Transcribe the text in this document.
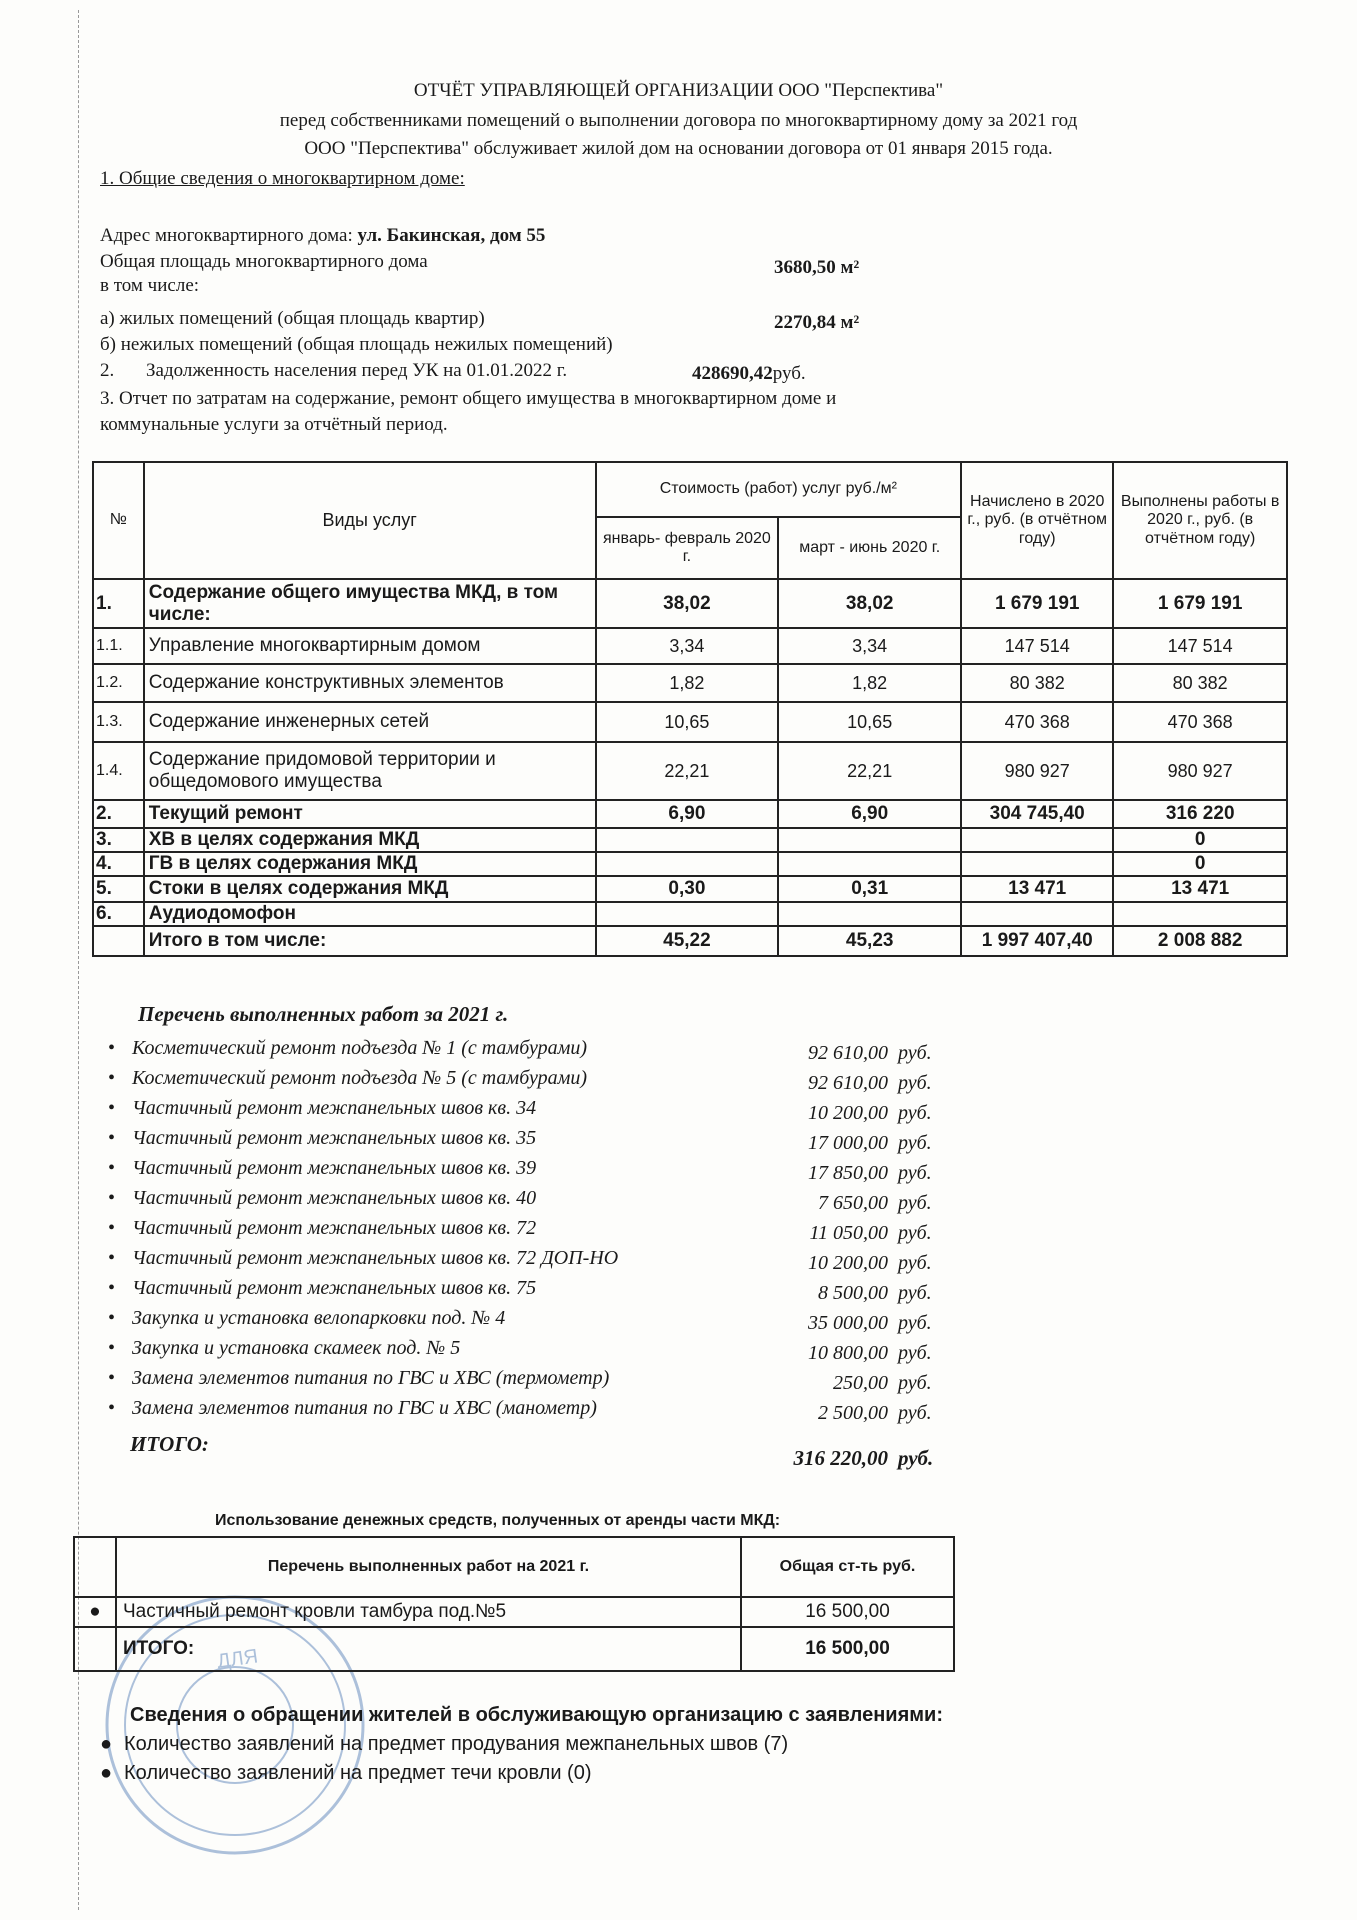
ОТЧЁТ УПРАВЛЯЮЩЕЙ ОРГАНИЗАЦИИ ООО "Перспектива"
перед собственниками помещений о выполнении договора по многоквартирному дому за 2021 год
ООО "Перспектива" обслуживает жилой дом на основании договора от 01 января 2015 года.
1. Общие сведения о многоквартирном доме:
Адрес многоквартирного дома: ул. Бакинская, дом 55
Общая площадь многоквартирного дома	3680,50 м²
в том числе:
а) жилых помещений (общая площадь квартир)	2270,84 м²
б) нежилых помещений (общая площадь нежилых помещений)
2. Задолженность населения перед УК на 01.01.2022 г.	428690,42руб.
3. Отчет по затратам на содержание, ремонт общего имущества в многоквартирном доме и
коммунальные услуги за отчётный период.
№	Виды услуг	Стоимость (работ) услуг руб./м²		Начислено в 2020 г., руб. (в отчётном году)	Выполнены работы в 2020 г., руб. (в отчётном году)
		январь- февраль 2020 г.	март - июнь 2020 г.		
1.	Содержание общего имущества МКД, в том числе:	38,02	38,02	1 679 191	1 679 191
1.1.	Управление многоквартирным домом	3,34	3,34	147 514	147 514
1.2.	Содержание конструктивных элементов	1,82	1,82	80 382	80 382
1.3.	Содержание инженерных сетей	10,65	10,65	470 368	470 368
1.4.	Содержание придомовой территории и общедомового имущества	22,21	22,21	980 927	980 927
2.	Текущий ремонт	6,90	6,90	304 745,40	316 220
3.	ХВ в целях содержания МКД				0
4.	ГВ в целях содержания МКД				0
5.	Стоки в целях содержания МКД	0,30	0,31	13 471	13 471
6.	Аудиодомофон				
	Итого в том числе:	45,22	45,23	1 997 407,40	2 008 882
Перечень выполненных работ за 2021 г.
• Косметический ремонт подъезда № 1 (с тамбурами)	92 610,00 руб.
• Косметический ремонт подъезда № 5 (с тамбурами)	92 610,00 руб.
• Частичный ремонт межпанельных швов кв. 34	10 200,00 руб.
• Частичный ремонт межпанельных швов кв. 35	17 000,00 руб.
• Частичный ремонт межпанельных швов кв. 39	17 850,00 руб.
• Частичный ремонт межпанельных швов кв. 40	7 650,00 руб.
• Частичный ремонт межпанельных швов кв. 72	11 050,00 руб.
• Частичный ремонт межпанельных швов кв. 72 ДОП-НО	10 200,00 руб.
• Частичный ремонт межпанельных швов кв. 75	8 500,00 руб.
• Закупка и установка велопарковки под. № 4	35 000,00 руб.
• Закупка и установка скамеек под. № 5	10 800,00 руб.
• Замена элементов питания по ГВС и ХВС (термометр)	250,00 руб.
• Замена элементов питания по ГВС и ХВС (манометр)	2 500,00 руб.
ИТОГО:
316 220,00 руб.
Использование денежных средств, полученных от аренды части МКД:
ДЛЯ
	Перечень выполненных работ на 2021 г.	Общая ст-ть руб.
●	Частичный ремонт кровли тамбура под.№5	16 500,00
	ИТОГО:	16 500,00
Сведения о обращении жителей в обслуживающую организацию с заявлениями:
● Количество заявлений на предмет продувания межпанельных швов (7)
● Количество заявлений на предмет течи кровли (0)
